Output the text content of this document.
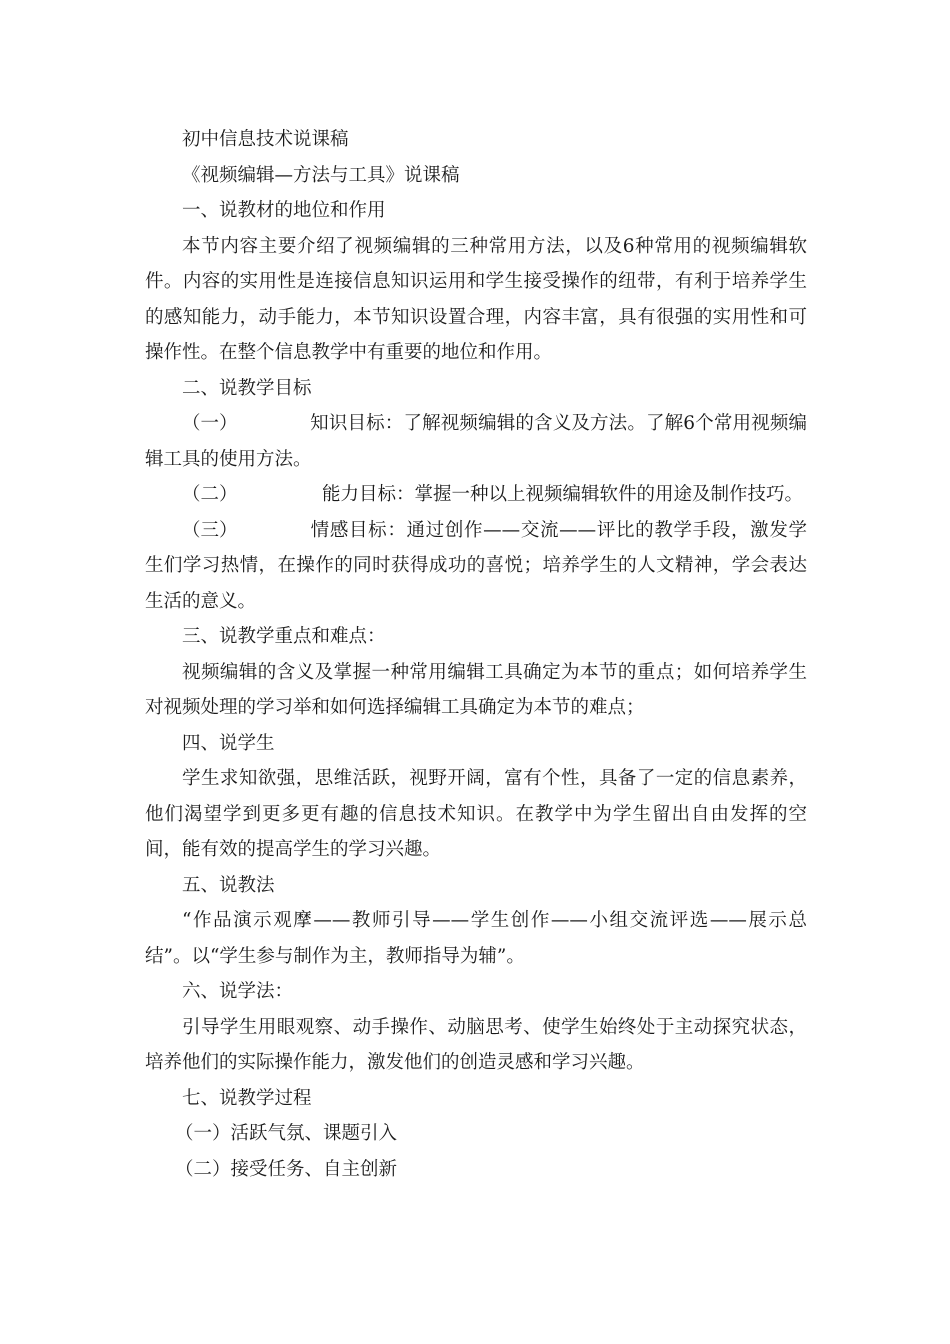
初中信息技术说课稿

《视频编辑—方法与工具》说课稿

一、说教材的地位和作用

本节内容主要介绍了视频编辑的三种常用方法，以及6种常用的视频编辑软件。内容的实用性是连接信息知识运用和学生接受操作的纽带，有利于培养学生的感知能力，动手能力，本节知识设置合理，内容丰富，具有很强的实用性和可操作性。在整个信息教学中有重要的地位和作用。

二、说教学目标

（一）	知识目标：了解视频编辑的含义及方法。了解6个常用视频编辑工具的使用方法。

（二）	能力目标：掌握一种以上视频编辑软件的用途及制作技巧。

（三）	情感目标：通过创作——交流——评比的教学手段，激发学生们学习热情，在操作的同时获得成功的喜悦；培养学生的人文精神，学会表达生活的意义。

三、说教学重点和难点：

视频编辑的含义及掌握一种常用编辑工具确定为本节的重点；如何培养学生对视频处理的学习举和如何选择编辑工具确定为本节的难点；

四、说学生

学生求知欲强，思维活跃，视野开阔，富有个性，具备了一定的信息素养，他们渴望学到更多更有趣的信息技术知识。在教学中为学生留出自由发挥的空间，能有效的提高学生的学习兴趣。

五、说教法

“作品演示观摩——教师引导——学生创作——小组交流评选——展示总结”。以“学生参与制作为主，教师指导为辅”。

六、说学法：

引导学生用眼观察、动手操作、动脑思考、使学生始终处于主动探究状态，培养他们的实际操作能力，激发他们的创造灵感和学习兴趣。

七、说教学过程

（一）活跃气氛、课题引入

（二）接受任务、自主创新
